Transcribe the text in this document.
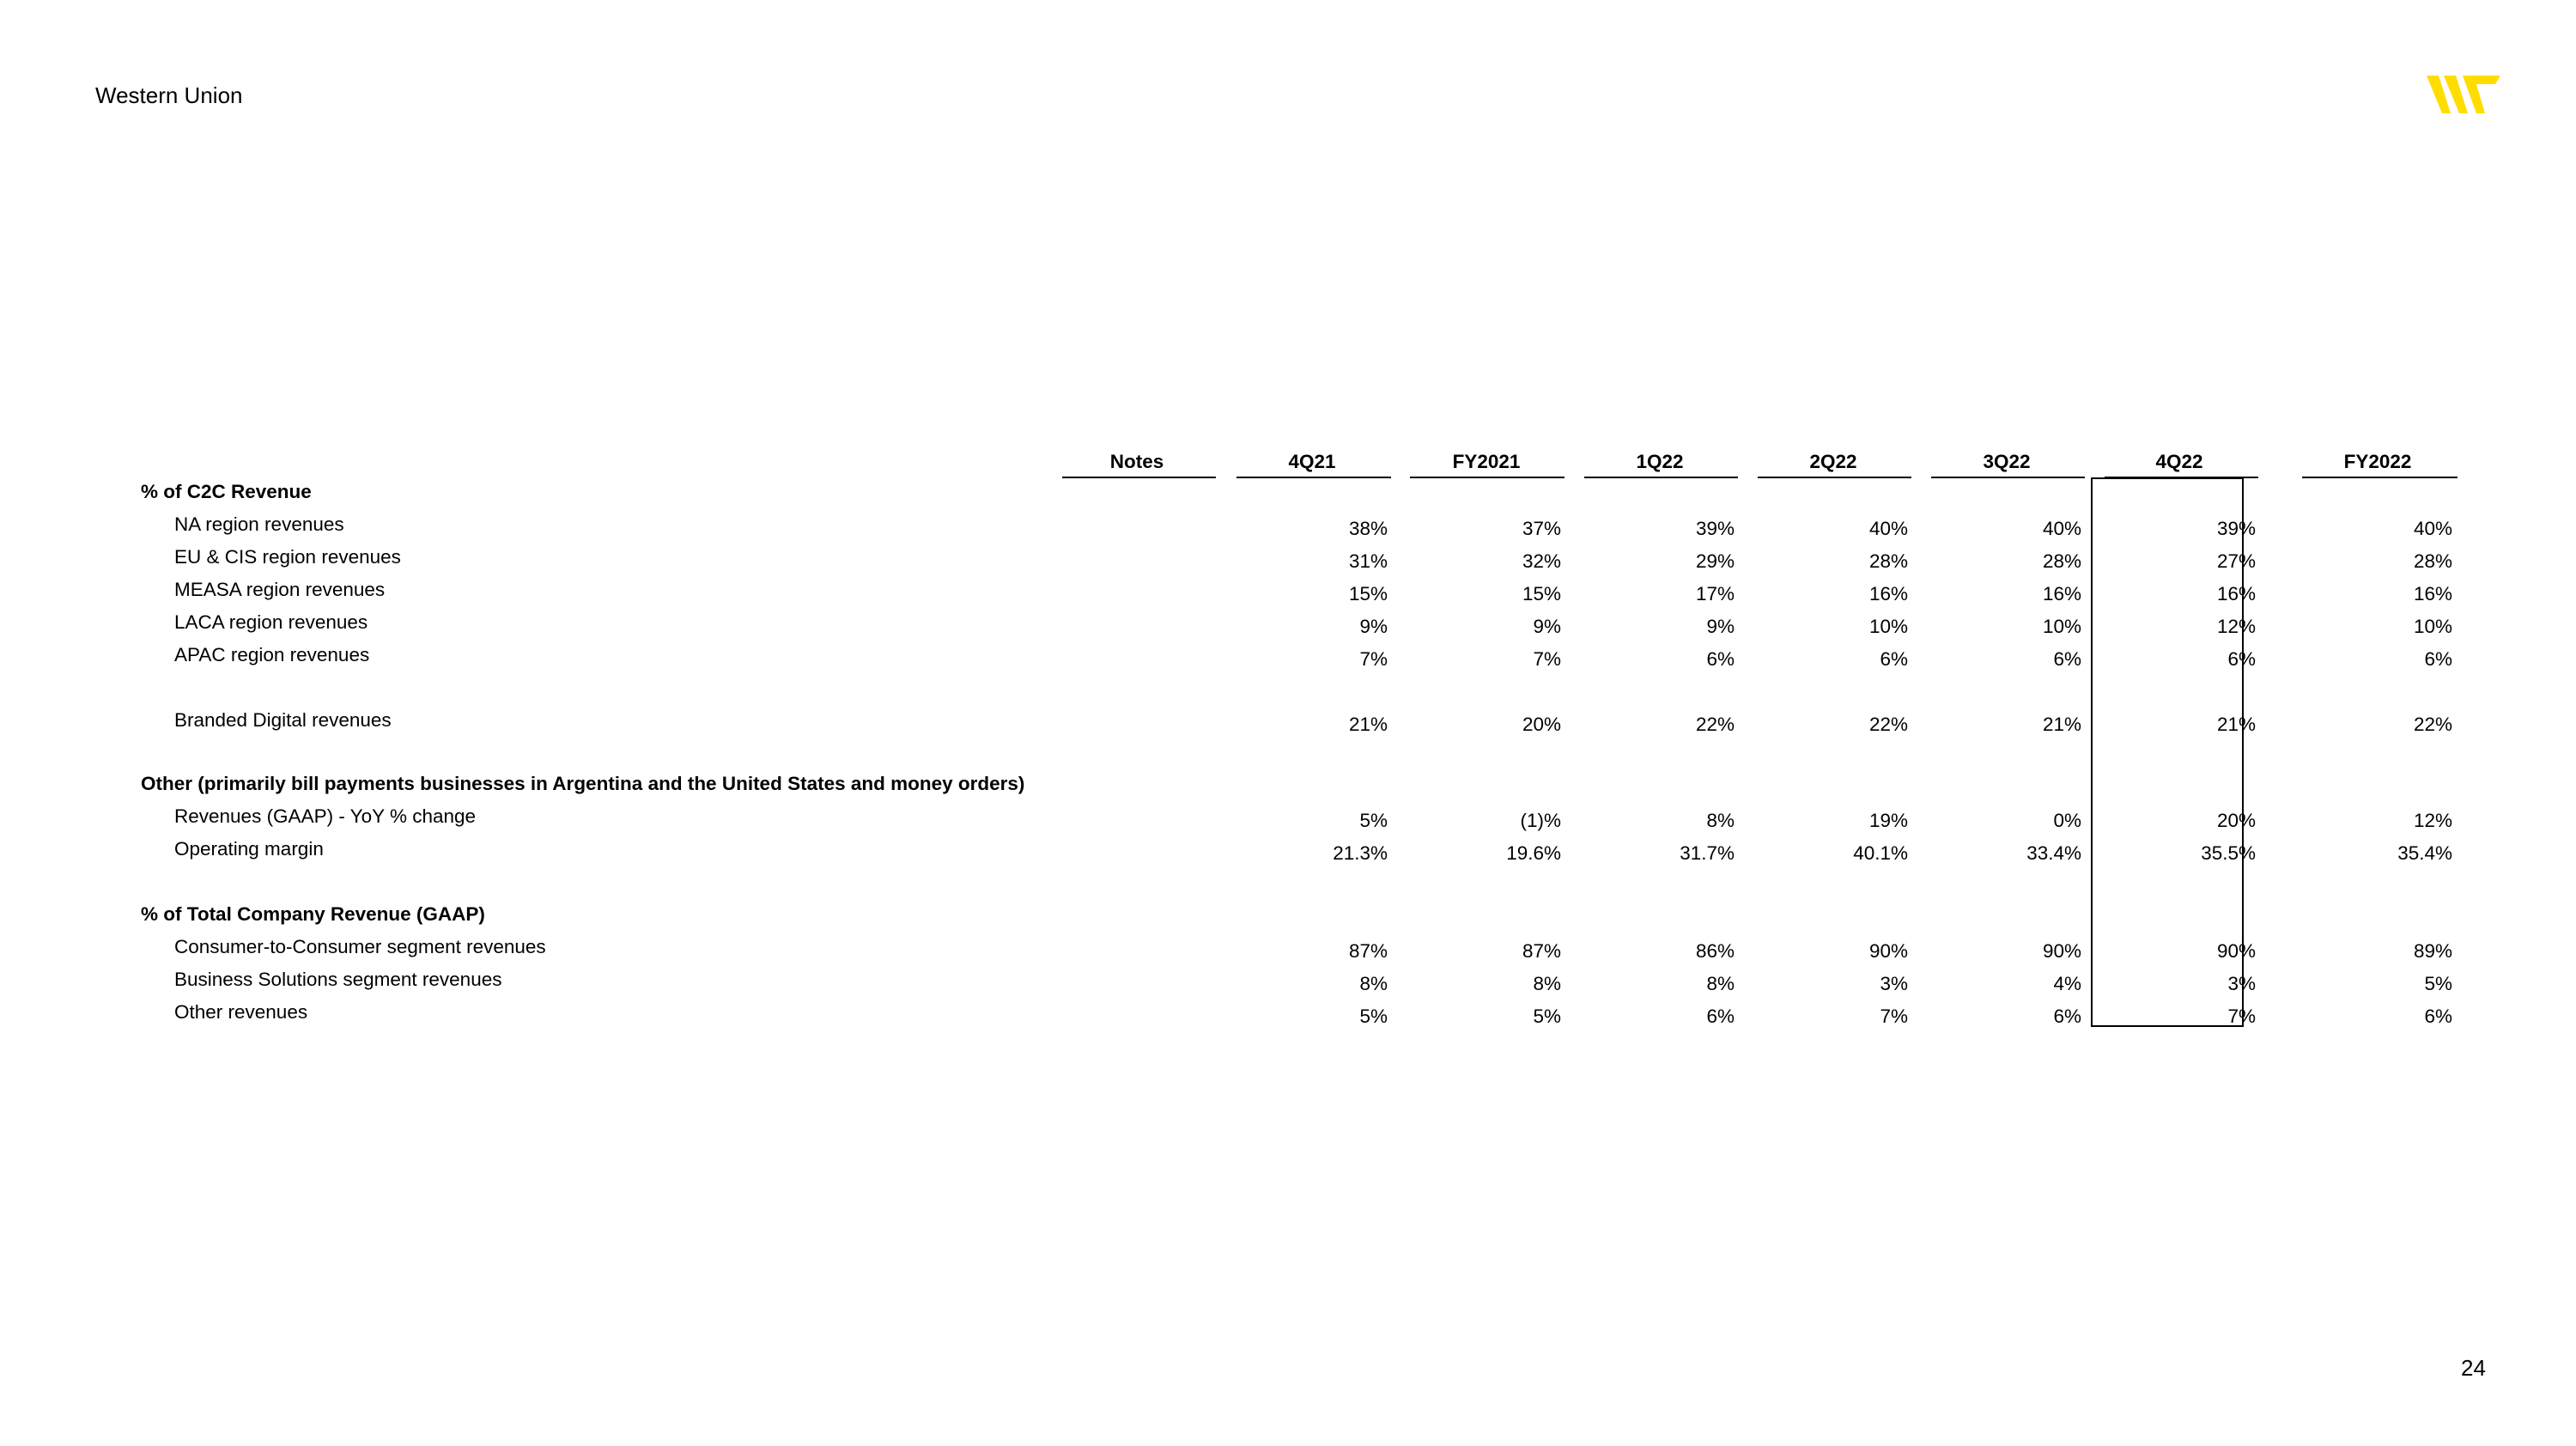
Western Union
Notes	4Q21	FY2021	1Q22	2Q22	3Q22	4Q22	FY2022
% of C2C Revenue
NA region revenues	38%	37%	39%	40%	40%	39%	40%
EU & CIS region revenues	31%	32%	29%	28%	28%	27%	28%
MEASA region revenues	15%	15%	17%	16%	16%	16%	16%
LACA region revenues	9%	9%	9%	10%	10%	12%	10%
APAC region revenues	7%	7%	6%	6%	6%	6%	6%
Branded Digital revenues	21%	20%	22%	22%	21%	21%	22%
Other (primarily bill payments businesses in Argentina and the United States and money orders)
Revenues (GAAP) - YoY % change	5%	(1)%	8%	19%	0%	20%	12%
Operating margin	21.3%	19.6%	31.7%	40.1%	33.4%	35.5%	35.4%
% of Total Company Revenue (GAAP)
Consumer-to-Consumer segment revenues	87%	87%	86%	90%	90%	90%	89%
Business Solutions segment revenues	8%	8%	8%	3%	4%	3%	5%
Other revenues	5%	5%	6%	7%	6%	7%	6%
24
